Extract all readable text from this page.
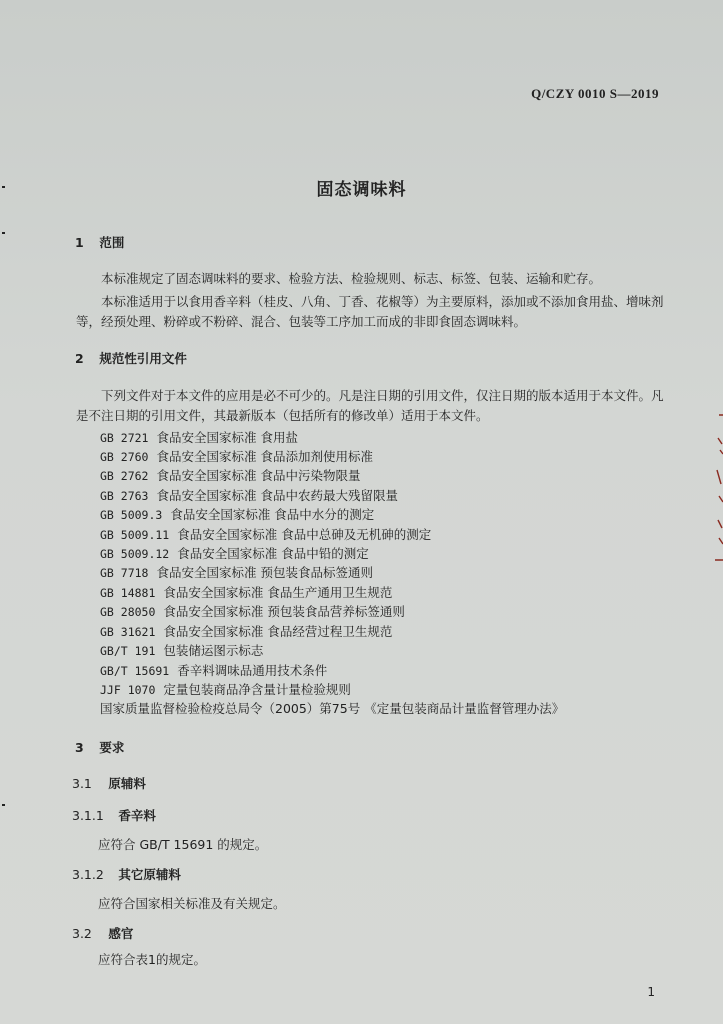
Q/CZY 0010 S—2019
固态调味料
1 范围
本标准规定了固态调味料的要求、检验方法、检验规则、标志、标签、包装、运输和贮存。
本标准适用于以食用香辛料（桂皮、八角、丁香、花椒等）为主要原料，添加或不添加食用盐、增味剂等，经预处理、粉碎或不粉碎、混合、包装等工序加工而成的非即食固态调味料。
2 规范性引用文件
下列文件对于本文件的应用是必不可少的。凡是注日期的引用文件，仅注日期的版本适用于本文件。凡是不注日期的引用文件，其最新版本（包括所有的修改单）适用于本文件。
GB 2721 食品安全国家标准 食用盐
GB 2760 食品安全国家标准 食品添加剂使用标准
GB 2762 食品安全国家标准 食品中污染物限量
GB 2763 食品安全国家标准 食品中农药最大残留限量
GB 5009.3 食品安全国家标准 食品中水分的测定
GB 5009.11 食品安全国家标准 食品中总砷及无机砷的测定
GB 5009.12 食品安全国家标准 食品中铅的测定
GB 7718 食品安全国家标准 预包装食品标签通则
GB 14881 食品安全国家标准 食品生产通用卫生规范
GB 28050 食品安全国家标准 预包装食品营养标签通则
GB 31621 食品安全国家标准 食品经营过程卫生规范
GB/T 191 包装储运图示标志
GB/T 15691 香辛料调味品通用技术条件
JJF 1070 定量包装商品净含量计量检验规则
国家质量监督检验检疫总局令（2005）第75号 《定量包装商品计量监督管理办法》
3 要求
3.1 原辅料
3.1.1 香辛料
应符合 GB/T 15691 的规定。
3.1.2 其它原辅料
应符合国家相关标准及有关规定。
3.2 感官
应符合表1的规定。
1
